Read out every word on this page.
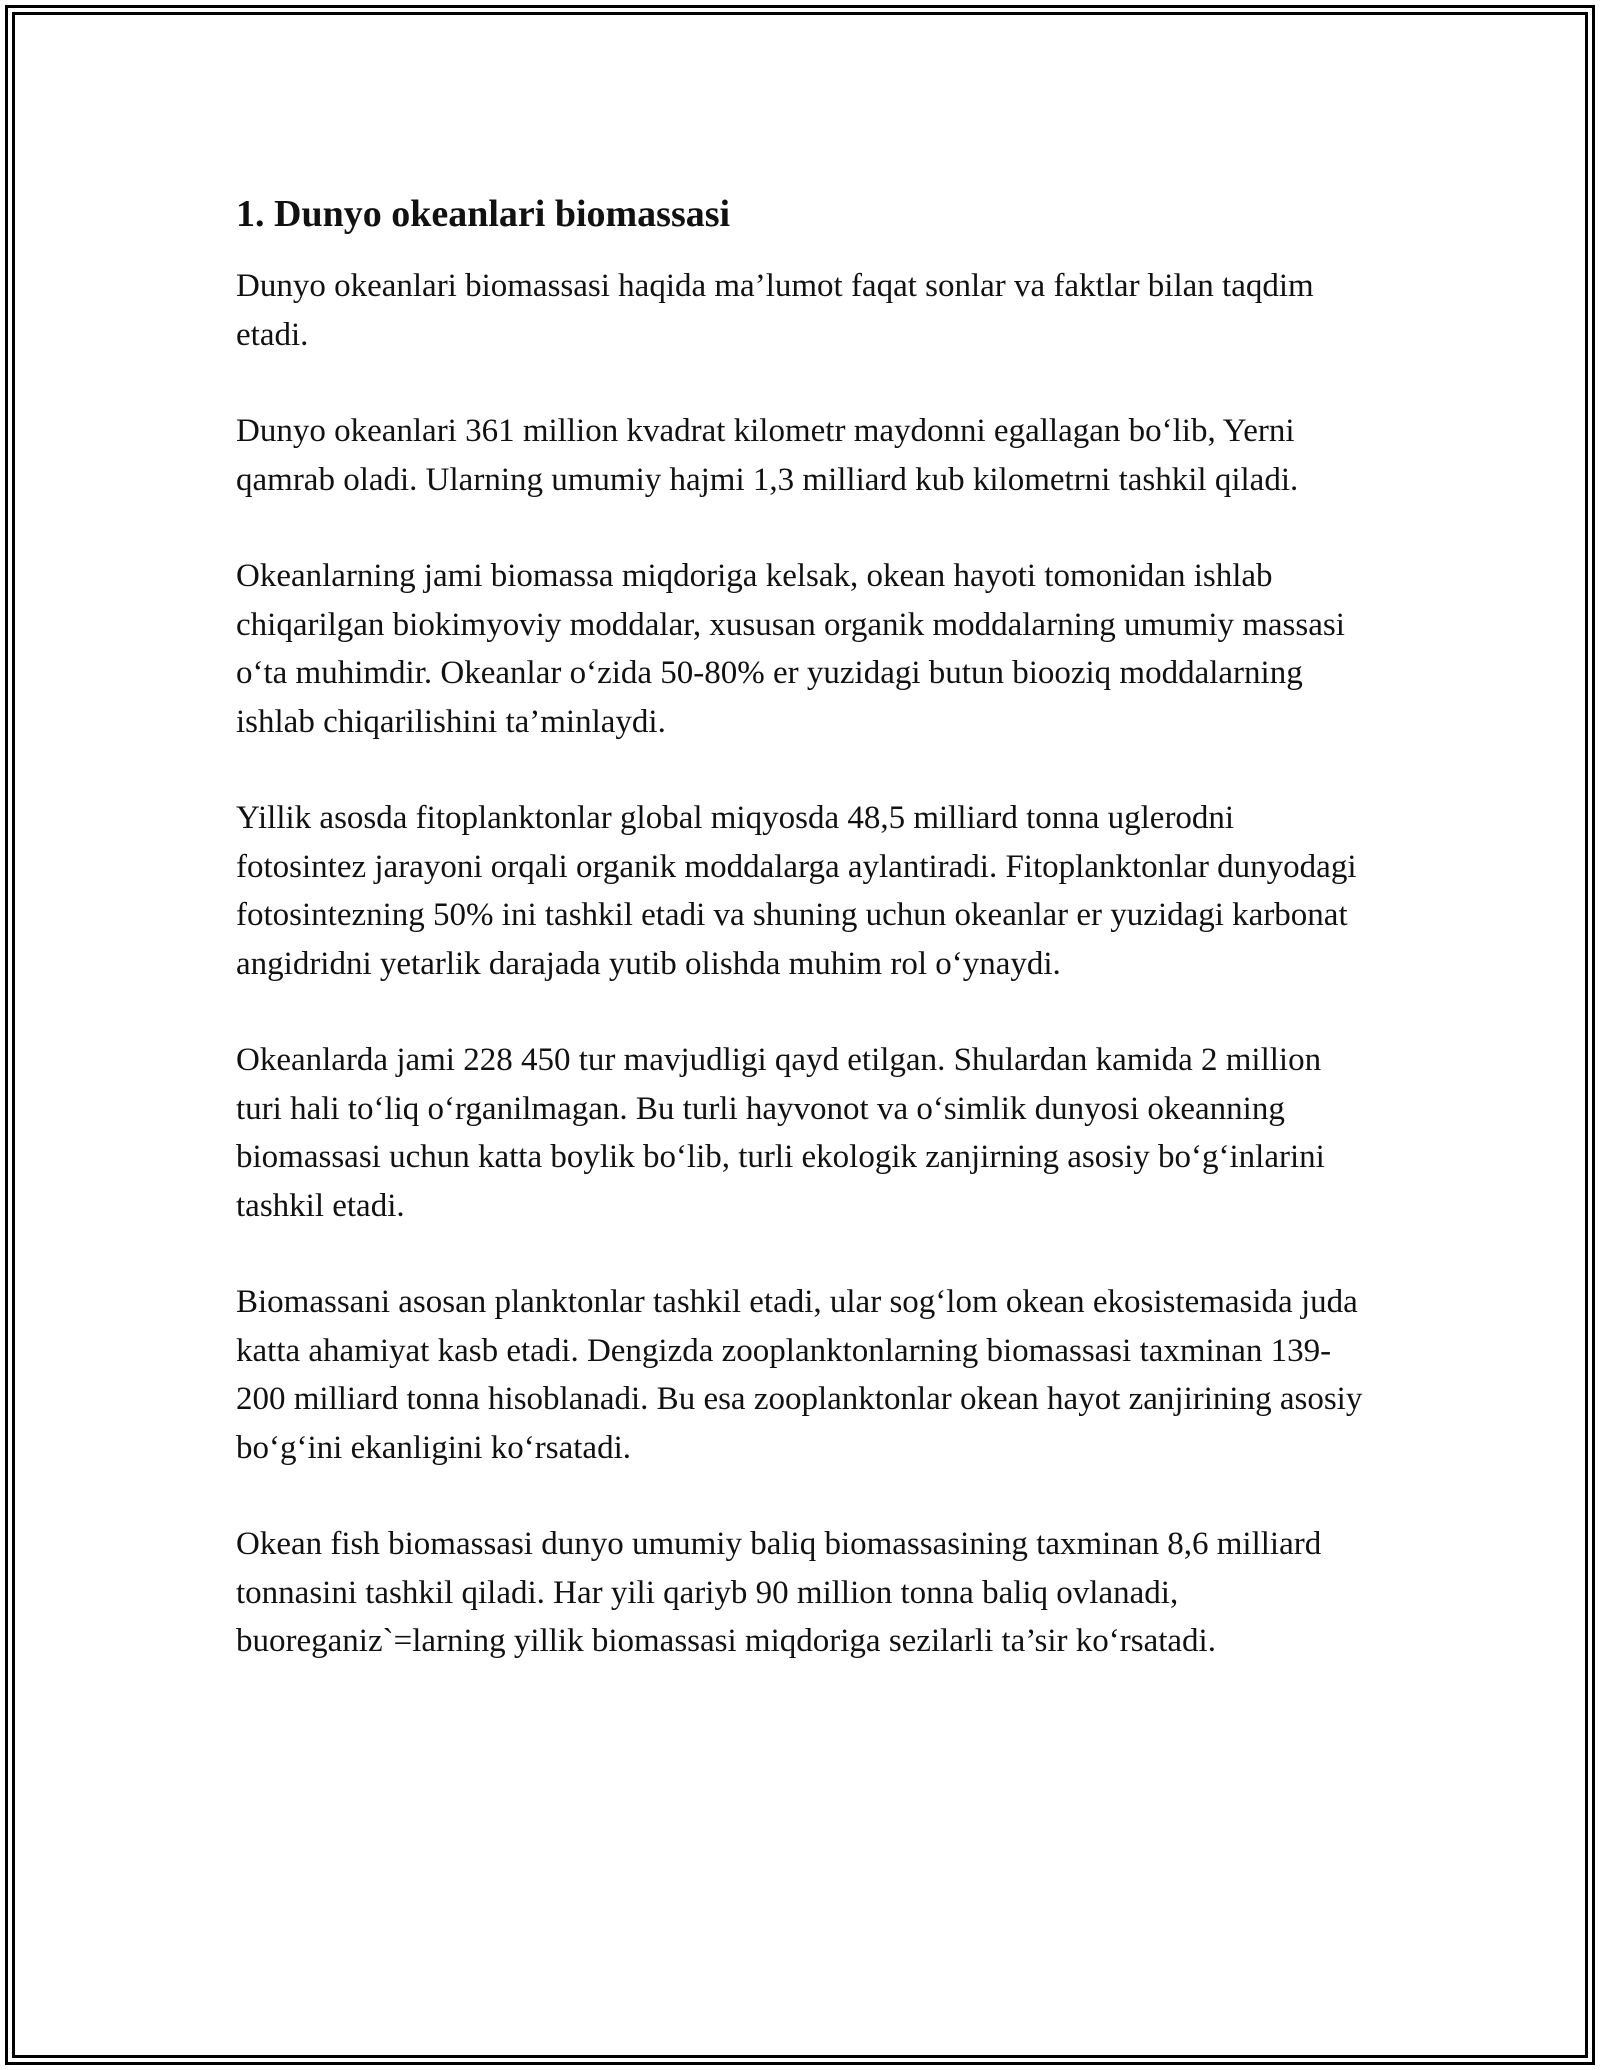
1. Dunyo okeanlari biomassasi

Dunyo okeanlari biomassasi haqida ma’lumot faqat sonlar va faktlar bilan taqdim etadi.

Dunyo okeanlari 361 million kvadrat kilometr maydonni egallagan bo‘lib, Yerni qamrab oladi. Ularning umumiy hajmi 1,3 milliard kub kilometrni tashkil qiladi.

Okeanlarning jami biomassa miqdoriga kelsak, okean hayoti tomonidan ishlab chiqarilgan biokimyoviy moddalar, xususan organik moddalarning umumiy massasi o‘ta muhimdir. Okeanlar o‘zida 50-80% er yuzidagi butun biooziq moddalarning ishlab chiqarilishini ta’minlaydi.

Yillik asosda fitoplanktonlar global miqyosda 48,5 milliard tonna uglerodni fotosintez jarayoni orqali organik moddalarga aylantiradi. Fitoplanktonlar dunyodagi fotosintezning 50% ini tashkil etadi va shuning uchun okeanlar er yuzidagi karbonat angidridni yetarlik darajada yutib olishda muhim rol o‘ynaydi.

Okeanlarda jami 228 450 tur mavjudligi qayd etilgan. Shulardan kamida 2 million turi hali to‘liq o‘rganilmagan. Bu turli hayvonot va o‘simlik dunyosi okeanning biomassasi uchun katta boylik bo‘lib, turli ekologik zanjirning asosiy bo‘g‘inlarini tashkil etadi.

Biomassani asosan planktonlar tashkil etadi, ular sog‘lom okean ekosistemasida juda katta ahamiyat kasb etadi. Dengizda zooplanktonlarning biomassasi taxminan 139-200 milliard tonna hisoblanadi. Bu esa zooplanktonlar okean hayot zanjirining asosiy bo‘g‘ini ekanligini ko‘rsatadi.

Okean fish biomassasi dunyo umumiy baliq biomassasining taxminan 8,6 milliard tonnasini tashkil qiladi. Har yili qariyb 90 million tonna baliq ovlanadi, buoreganiz`=larning yillik biomassasi miqdoriga sezilarli ta’sir ko‘rsatadi.
